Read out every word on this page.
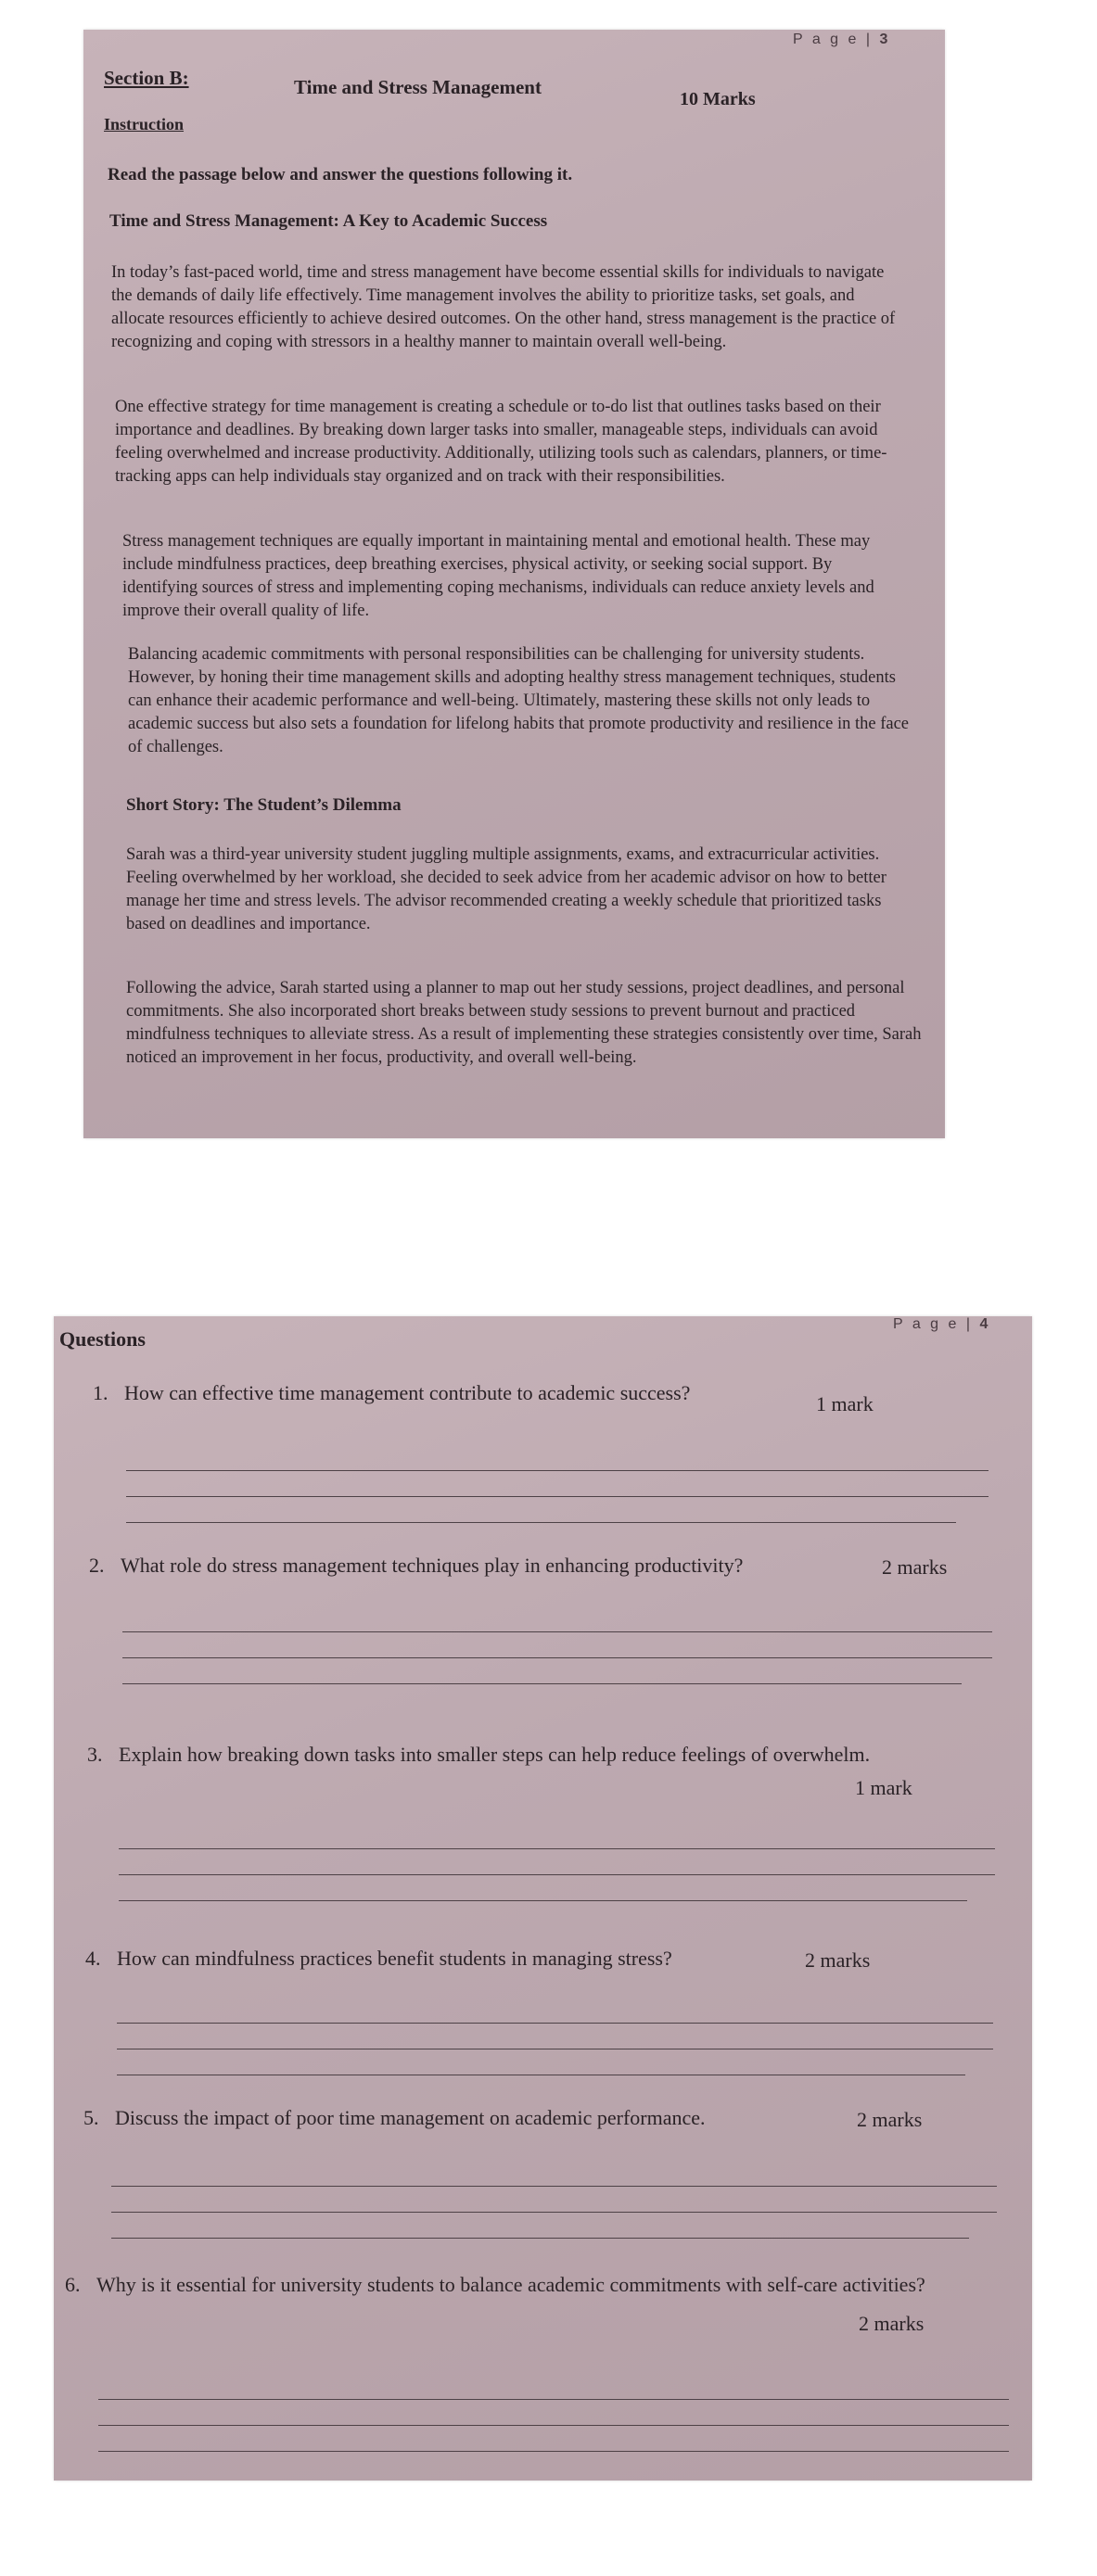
P a g e | 3
Section B:	Time and Stress Management
10 Marks
Instruction
Read the passage below and answer the questions following it.
Time and Stress Management: A Key to Academic Success
In today’s fast-paced world, time and stress management have become essential skills for individuals to navigate the demands of daily life effectively. Time management involves the ability to prioritize tasks, set goals, and allocate resources efficiently to achieve desired outcomes. On the other hand, stress management is the practice of recognizing and coping with stressors in a healthy manner to maintain overall well-being.
One effective strategy for time management is creating a schedule or to-do list that outlines tasks based on their importance and deadlines. By breaking down larger tasks into smaller, manageable steps, individuals can avoid feeling overwhelmed and increase productivity. Additionally, utilizing tools such as calendars, planners, or time-tracking apps can help individuals stay organized and on track with their responsibilities.
Stress management techniques are equally important in maintaining mental and emotional health. These may include mindfulness practices, deep breathing exercises, physical activity, or seeking social support. By identifying sources of stress and implementing coping mechanisms, individuals can reduce anxiety levels and improve their overall quality of life.
Balancing academic commitments with personal responsibilities can be challenging for university students. However, by honing their time management skills and adopting healthy stress management techniques, students can enhance their academic performance and well-being. Ultimately, mastering these skills not only leads to academic success but also sets a foundation for lifelong habits that promote productivity and resilience in the face of challenges.
Short Story: The Student’s Dilemma
Sarah was a third-year university student juggling multiple assignments, exams, and extracurricular activities. Feeling overwhelmed by her workload, she decided to seek advice from her academic advisor on how to better manage her time and stress levels. The advisor recommended creating a weekly schedule that prioritized tasks based on deadlines and importance.
Following the advice, Sarah started using a planner to map out her study sessions, project deadlines, and personal commitments. She also incorporated short breaks between study sessions to prevent burnout and practiced mindfulness techniques to alleviate stress. As a result of implementing these strategies consistently over time, Sarah noticed an improvement in her focus, productivity, and overall well-being.
P a g e | 4
Questions
1. How can effective time management contribute to academic success?	1 mark
2. What role do stress management techniques play in enhancing productivity?	2 marks
3. Explain how breaking down tasks into smaller steps can help reduce feelings of overwhelm.
1 mark
4. How can mindfulness practices benefit students in managing stress?	2 marks
5. Discuss the impact of poor time management on academic performance.	2 marks
6. Why is it essential for university students to balance academic commitments with self-care activities?
2 marks
